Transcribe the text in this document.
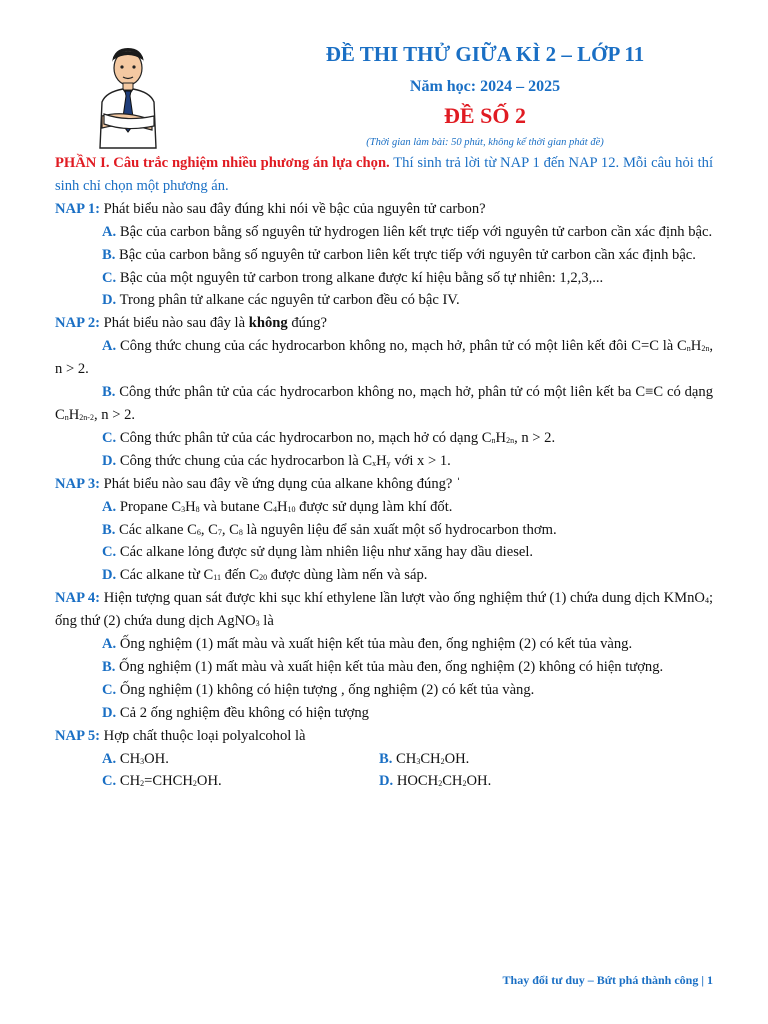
ĐỀ THI THỬ GIỮA KÌ 2 – LỚP 11
Năm học: 2024 – 2025
ĐỀ SỐ 2
(Thời gian làm bài: 50 phút, không kể thời gian phát đề)

PHẦN I. Câu trắc nghiệm nhiều phương án lựa chọn. Thí sinh trả lời từ NAP 1 đến NAP 12. Mỗi câu hỏi thí sinh chỉ chọn một phương án.

NAP 1: Phát biểu nào sau đây đúng khi nói về bậc của nguyên tử carbon?

A. Bậc của carbon bằng số nguyên tử hydrogen liên kết trực tiếp với nguyên tử carbon cần xác định bậc.

B. Bậc của carbon bằng số nguyên tử carbon liên kết trực tiếp với nguyên tử carbon cần xác định bậc.

C. Bậc của một nguyên tử carbon trong alkane được kí hiệu bằng số tự nhiên: 1,2,3,...

D. Trong phân tử alkane các nguyên tử carbon đều có bậc IV.

NAP 2: Phát biểu nào sau đây là không đúng?

A. Công thức chung của các hydrocarbon không no, mạch hở, phân tử có một liên kết đôi C=C là $C_nH_{2n}$, n > 2.

B. Công thức phân tử của các hydrocarbon không no, mạch hở, phân tử có một liên kết ba C≡C có dạng $C_nH_{2n-2}$, n > 2.

C. Công thức phân tử của các hydrocarbon no, mạch hở có dạng $C_nH_{2n}$, n > 2.

D. Công thức chung của các hydrocarbon là $C_xH_y$ với x > 1.

NAP 3: Phát biểu nào sau đây về ứng dụng của alkane không đúng? ˈ

A. Propane $C_3H_8$ và butane $C_4H_{10}$ được sử dụng làm khí đốt.

B. Các alkane $C_6$, $C_7$, $C_8$ là nguyên liệu để sản xuất một số hydrocarbon thơm.

C. Các alkane lỏng được sử dụng làm nhiên liệu như xăng hay dầu diesel.

D. Các alkane từ $C_{11}$ đến $C_{20}$ được dùng làm nến và sáp.

NAP 4: Hiện tượng quan sát được khi sục khí ethylene lần lượt vào ống nghiệm thứ (1) chứa dung dịch KMnO$_4$; ống thứ (2) chứa dung dịch AgNO$_3$ là

A. Ống nghiệm (1) mất màu và xuất hiện kết tủa màu đen, ống nghiệm (2) có kết tủa vàng.

B. Ống nghiệm (1) mất màu và xuất hiện kết tủa màu đen, ống nghiệm (2) không có hiện tượng.

C. Ống nghiệm (1) không có hiện tượng , ống nghiệm (2) có kết tủa vàng.

D. Cả 2 ống nghiệm đều không có hiện tượng

NAP 5: Hợp chất thuộc loại polyalcohol là

A. $CH_3OH$.	B. $CH_3CH_2OH$.
C. $CH_2=CHCH_2OH$.	D. $HOCH_2CH_2OH$.
Thay đổi tư duy – Bứt phá thành công | 1
